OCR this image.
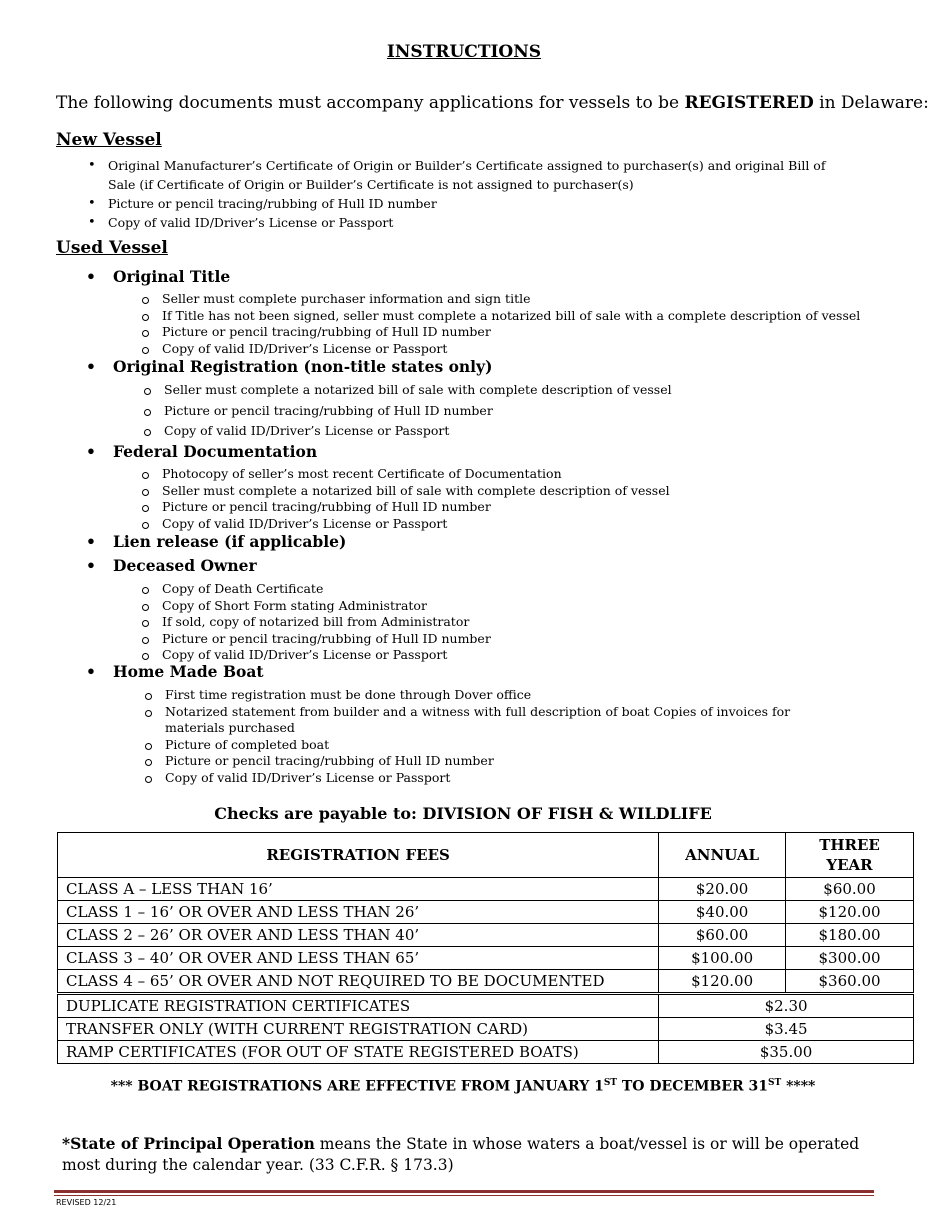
INSTRUCTIONS
The following documents must accompany applications for vessels to be REGISTERED in Delaware:
New Vessel
• Original Manufacturer’s Certificate of Origin or Builder’s Certificate assigned to purchaser(s) and original Bill of Sale (if Certificate of Origin or Builder’s Certificate is not assigned to purchaser(s)
• Picture or pencil tracing/rubbing of Hull ID number
• Copy of valid ID/Driver’s License or Passport
Used Vessel
• Original Title
Seller must complete purchaser information and sign title
If Title has not been signed, seller must complete a notarized bill of sale with a complete description of vessel
Picture or pencil tracing/rubbing of Hull ID number
Copy of valid ID/Driver’s License or Passport
• Original Registration (non-title states only)
Seller must complete a notarized bill of sale with complete description of vessel
Picture or pencil tracing/rubbing of Hull ID number
Copy of valid ID/Driver’s License or Passport
• Federal Documentation
Photocopy of seller’s most recent Certificate of Documentation
Seller must complete a notarized bill of sale with complete description of vessel
Picture or pencil tracing/rubbing of Hull ID number
Copy of valid ID/Driver’s License or Passport
• Lien release (if applicable)
• Deceased Owner
Copy of Death Certificate
Copy of Short Form stating Administrator
If sold, copy of notarized bill from Administrator
Picture or pencil tracing/rubbing of Hull ID number
Copy of valid ID/Driver’s License or Passport
• Home Made Boat
First time registration must be done through Dover office
Notarized statement from builder and a witness with full description of boat Copies of invoices for materials purchased
Picture of completed boat
Picture or pencil tracing/rubbing of Hull ID number
Copy of valid ID/Driver’s License or Passport
Checks are payable to: DIVISION OF FISH & WILDLIFE
REGISTRATION FEES	ANNUAL	THREE YEAR
CLASS A – LESS THAN 16’	$20.00	$60.00
CLASS 1 – 16’ OR OVER AND LESS THAN 26’	$40.00	$120.00
CLASS 2 – 26’ OR OVER AND LESS THAN 40’	$60.00	$180.00
CLASS 3 – 40’ OR OVER AND LESS THAN 65’	$100.00	$300.00
CLASS 4 – 65’ OR OVER AND NOT REQUIRED TO BE DOCUMENTED	$120.00	$360.00
DUPLICATE REGISTRATION CERTIFICATES	$2.30	
TRANSFER ONLY (WITH CURRENT REGISTRATION CARD)	$3.45	
RAMP CERTIFICATES (FOR OUT OF STATE REGISTERED BOATS)	$35.00	
*** BOAT REGISTRATIONS ARE EFFECTIVE FROM JANUARY 1ST TO DECEMBER 31ST ****
*State of Principal Operation means the State in whose waters a boat/vessel is or will be operated most during the calendar year. (33 C.F.R. § 173.3)
REVISED 12/21
